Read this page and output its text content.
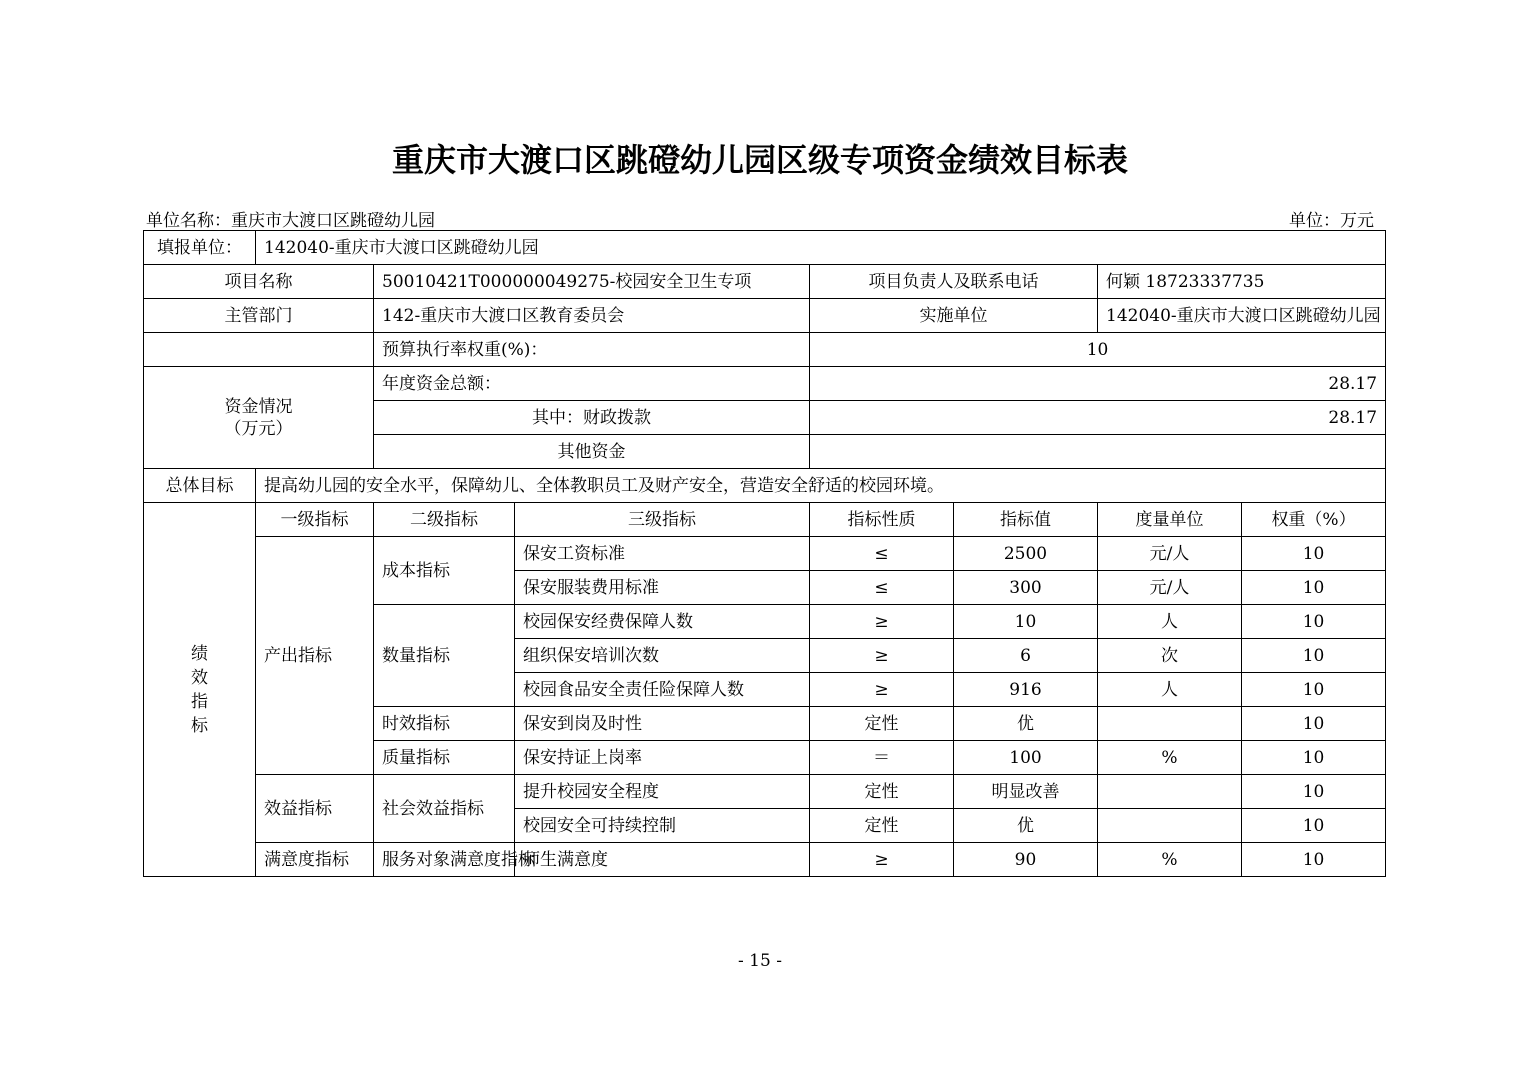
重庆市大渡口区跳磴幼儿园区级专项资金绩效目标表
单位名称：重庆市大渡口区跳磴幼儿园	单位：万元
填报单位：	142040-重庆市大渡口区跳磴幼儿园						
项目名称		50010421T000000049275-校园安全卫生专项		项目负责人及联系电话		何颖 18723337735	
主管部门		142-重庆市大渡口区教育委员会		实施单位		142040-重庆市大渡口区跳磴幼儿园	
		预算执行率权重(%)：		10			

资金情况
（万元）		年度资金总额：		28.17			
		其中：财政拨款		28.17			
		其他资金					
总体目标	提高幼儿园的安全水平，保障幼儿、全体教职员工及财产安全，营造安全舒适的校园环境。						
绩效指标	一级指标	二级指标	三级指标	指标性质	指标值	度量单位	权重（%）
	产出指标	成本指标	保安工资标准	≤	2500	元/人	10
			保安服装费用标准	≤	300	元/人	10
		数量指标	校园保安经费保障人数	≥	10	人	10
			组织保安培训次数	≥	6	次	10
			校园食品安全责任险保障人数	≥	916	人	10
		时效指标	保安到岗及时性	定性	优		10
		质量指标	保安持证上岗率	＝	100	%	10
	效益指标	社会效益指标	提升校园安全程度	定性	明显改善		10
			校园安全可持续控制	定性	优		10
	满意度指标	服务对象满意度指标	师生满意度	≥	90	%	10
- 15 -
